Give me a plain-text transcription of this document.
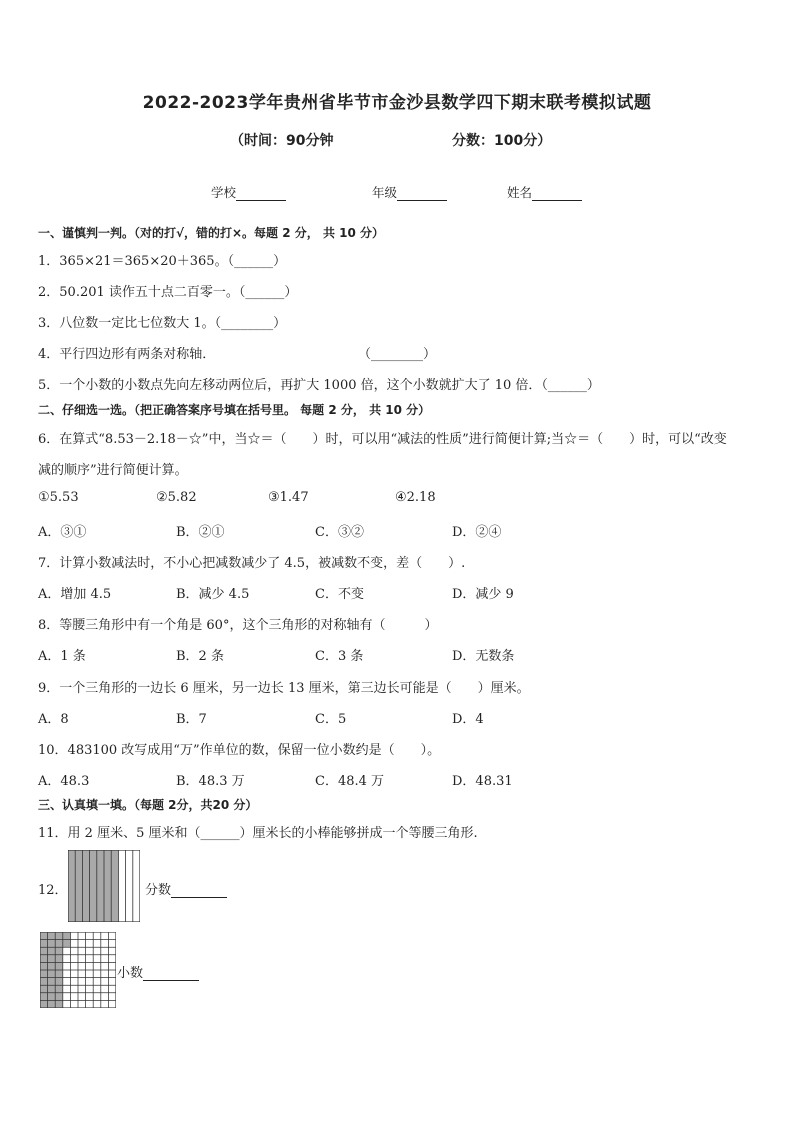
2022-2023学年贵州省毕节市金沙县数学四下期末联考模拟试题
（时间：90分钟	分数：100分）
学校	年级	姓名
一、谨慎判一判。（对的打√，错的打×。每题 2 分， 共 10 分）
1．365×21＝365×20＋365。（______）
2．50.201 读作五十点二百零一。（______）
3．八位数一定比七位数大 1。（________）
4．平行四边形有两条对称轴．	（________）
5．一个小数的小数点先向左移动两位后，再扩大 1000 倍，这个小数就扩大了 10 倍．（______）
二、仔细选一选。（把正确答案序号填在括号里。 每题 2 分， 共 10 分）
6．在算式“8.53－2.18－☆”中，当☆＝（　　）时，可以用“减法的性质”进行简便计算;当☆＝（　　）时，可以“改变
减的顺序”进行简便计算。
①5.53	②5.82	③1.47	④2.18
A．③①	B．②①	C．③②	D．②④
7．计算小数减法时，不小心把减数减少了 4.5，被减数不变，差（　　）.
A．增加 4.5	B．减少 4.5	C．不变	D．减少 9
8．等腰三角形中有一个角是 60°，这个三角形的对称轴有（　　　）
A．1 条	B．2 条	C．3 条	D．无数条
9．一个三角形的一边长 6 厘米，另一边长 13 厘米，第三边长可能是（　　）厘米。
A．8	B．7	C．5	D．4
10．483100 改写成用“万”作单位的数，保留一位小数约是（　　）。
A．48.3	B．48.3 万	C．48.4 万	D．48.31
三、认真填一填。（每题 2分，共20 分）
11．用 2 厘米、5 厘米和（______）厘米长的小棒能够拼成一个等腰三角形.
12．	分数
小数
